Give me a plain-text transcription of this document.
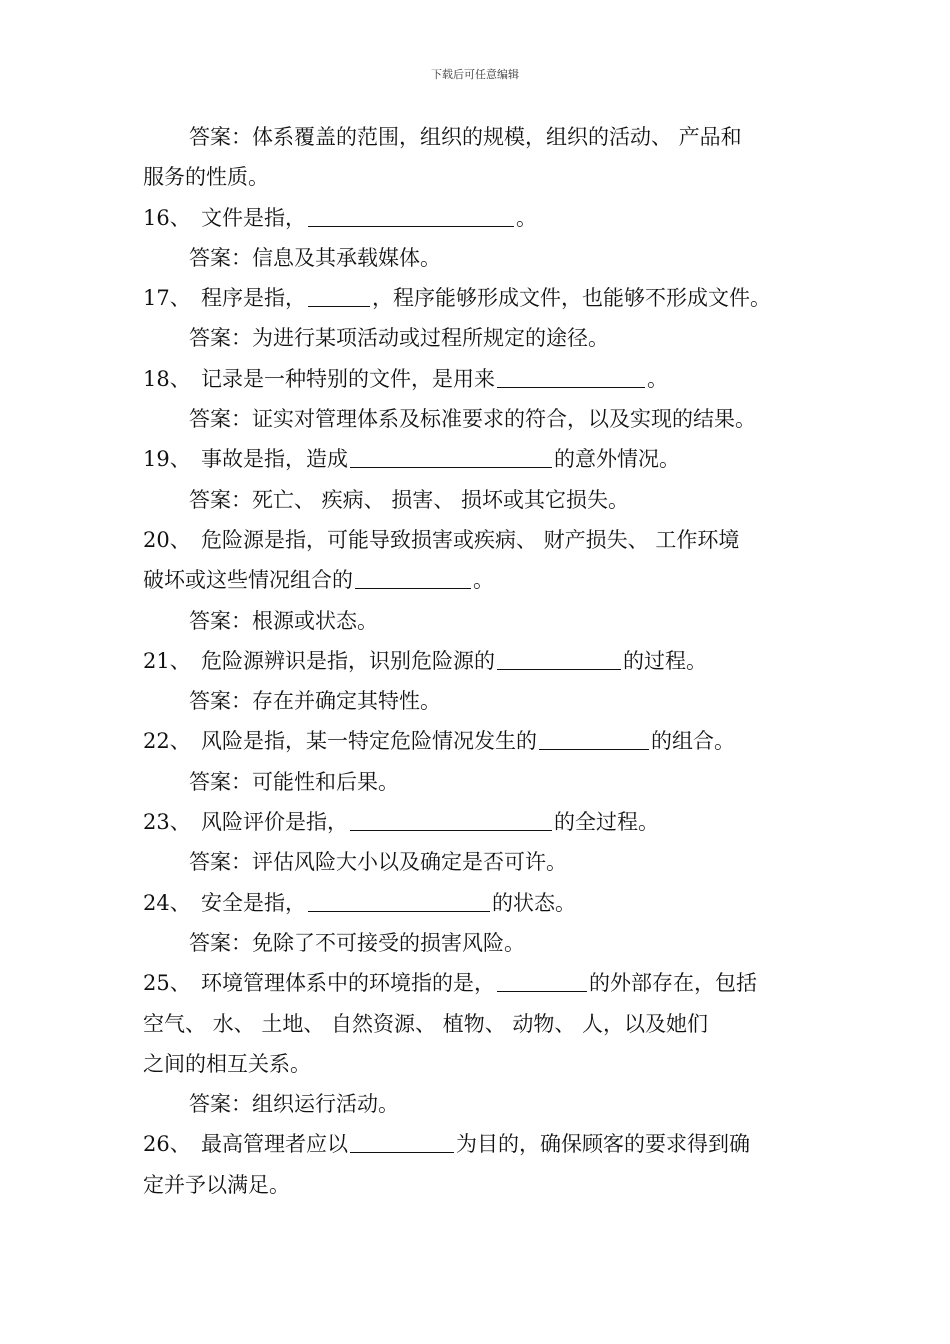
下载后可任意编辑
答案：体系覆盖的范围，组织的规模，组织的活动、 产品和
服务的性质。
16、 文件是指，	。
答案：信息及其承载媒体。
17、 程序是指，	，程序能够形成文件，也能够不形成文件。
答案：为进行某项活动或过程所规定的途径。
18、 记录是一种特别的文件，是用来	。
答案：证实对管理体系及标准要求的符合，以及实现的结果。
19、 事故是指，造成	的意外情况。
答案：死亡、 疾病、 损害、 损坏或其它损失。
20、 危险源是指，可能导致损害或疾病、 财产损失、 工作环境
破坏或这些情况组合的	。
答案：根源或状态。
21、 危险源辨识是指，识别危险源的	的过程。
答案：存在并确定其特性。
22、 风险是指，某一特定危险情况发生的	的组合。
答案：可能性和后果。
23、 风险评价是指，	的全过程。
答案：评估风险大小以及确定是否可许。
24、 安全是指，	的状态。
答案：免除了不可接受的损害风险。
25、 环境管理体系中的环境指的是，	的外部存在，包括
空气、 水、 土地、 自然资源、 植物、 动物、 人，以及她们
之间的相互关系。
答案：组织运行活动。
26、 最高管理者应以	为目的，确保顾客的要求得到确
定并予以满足。
